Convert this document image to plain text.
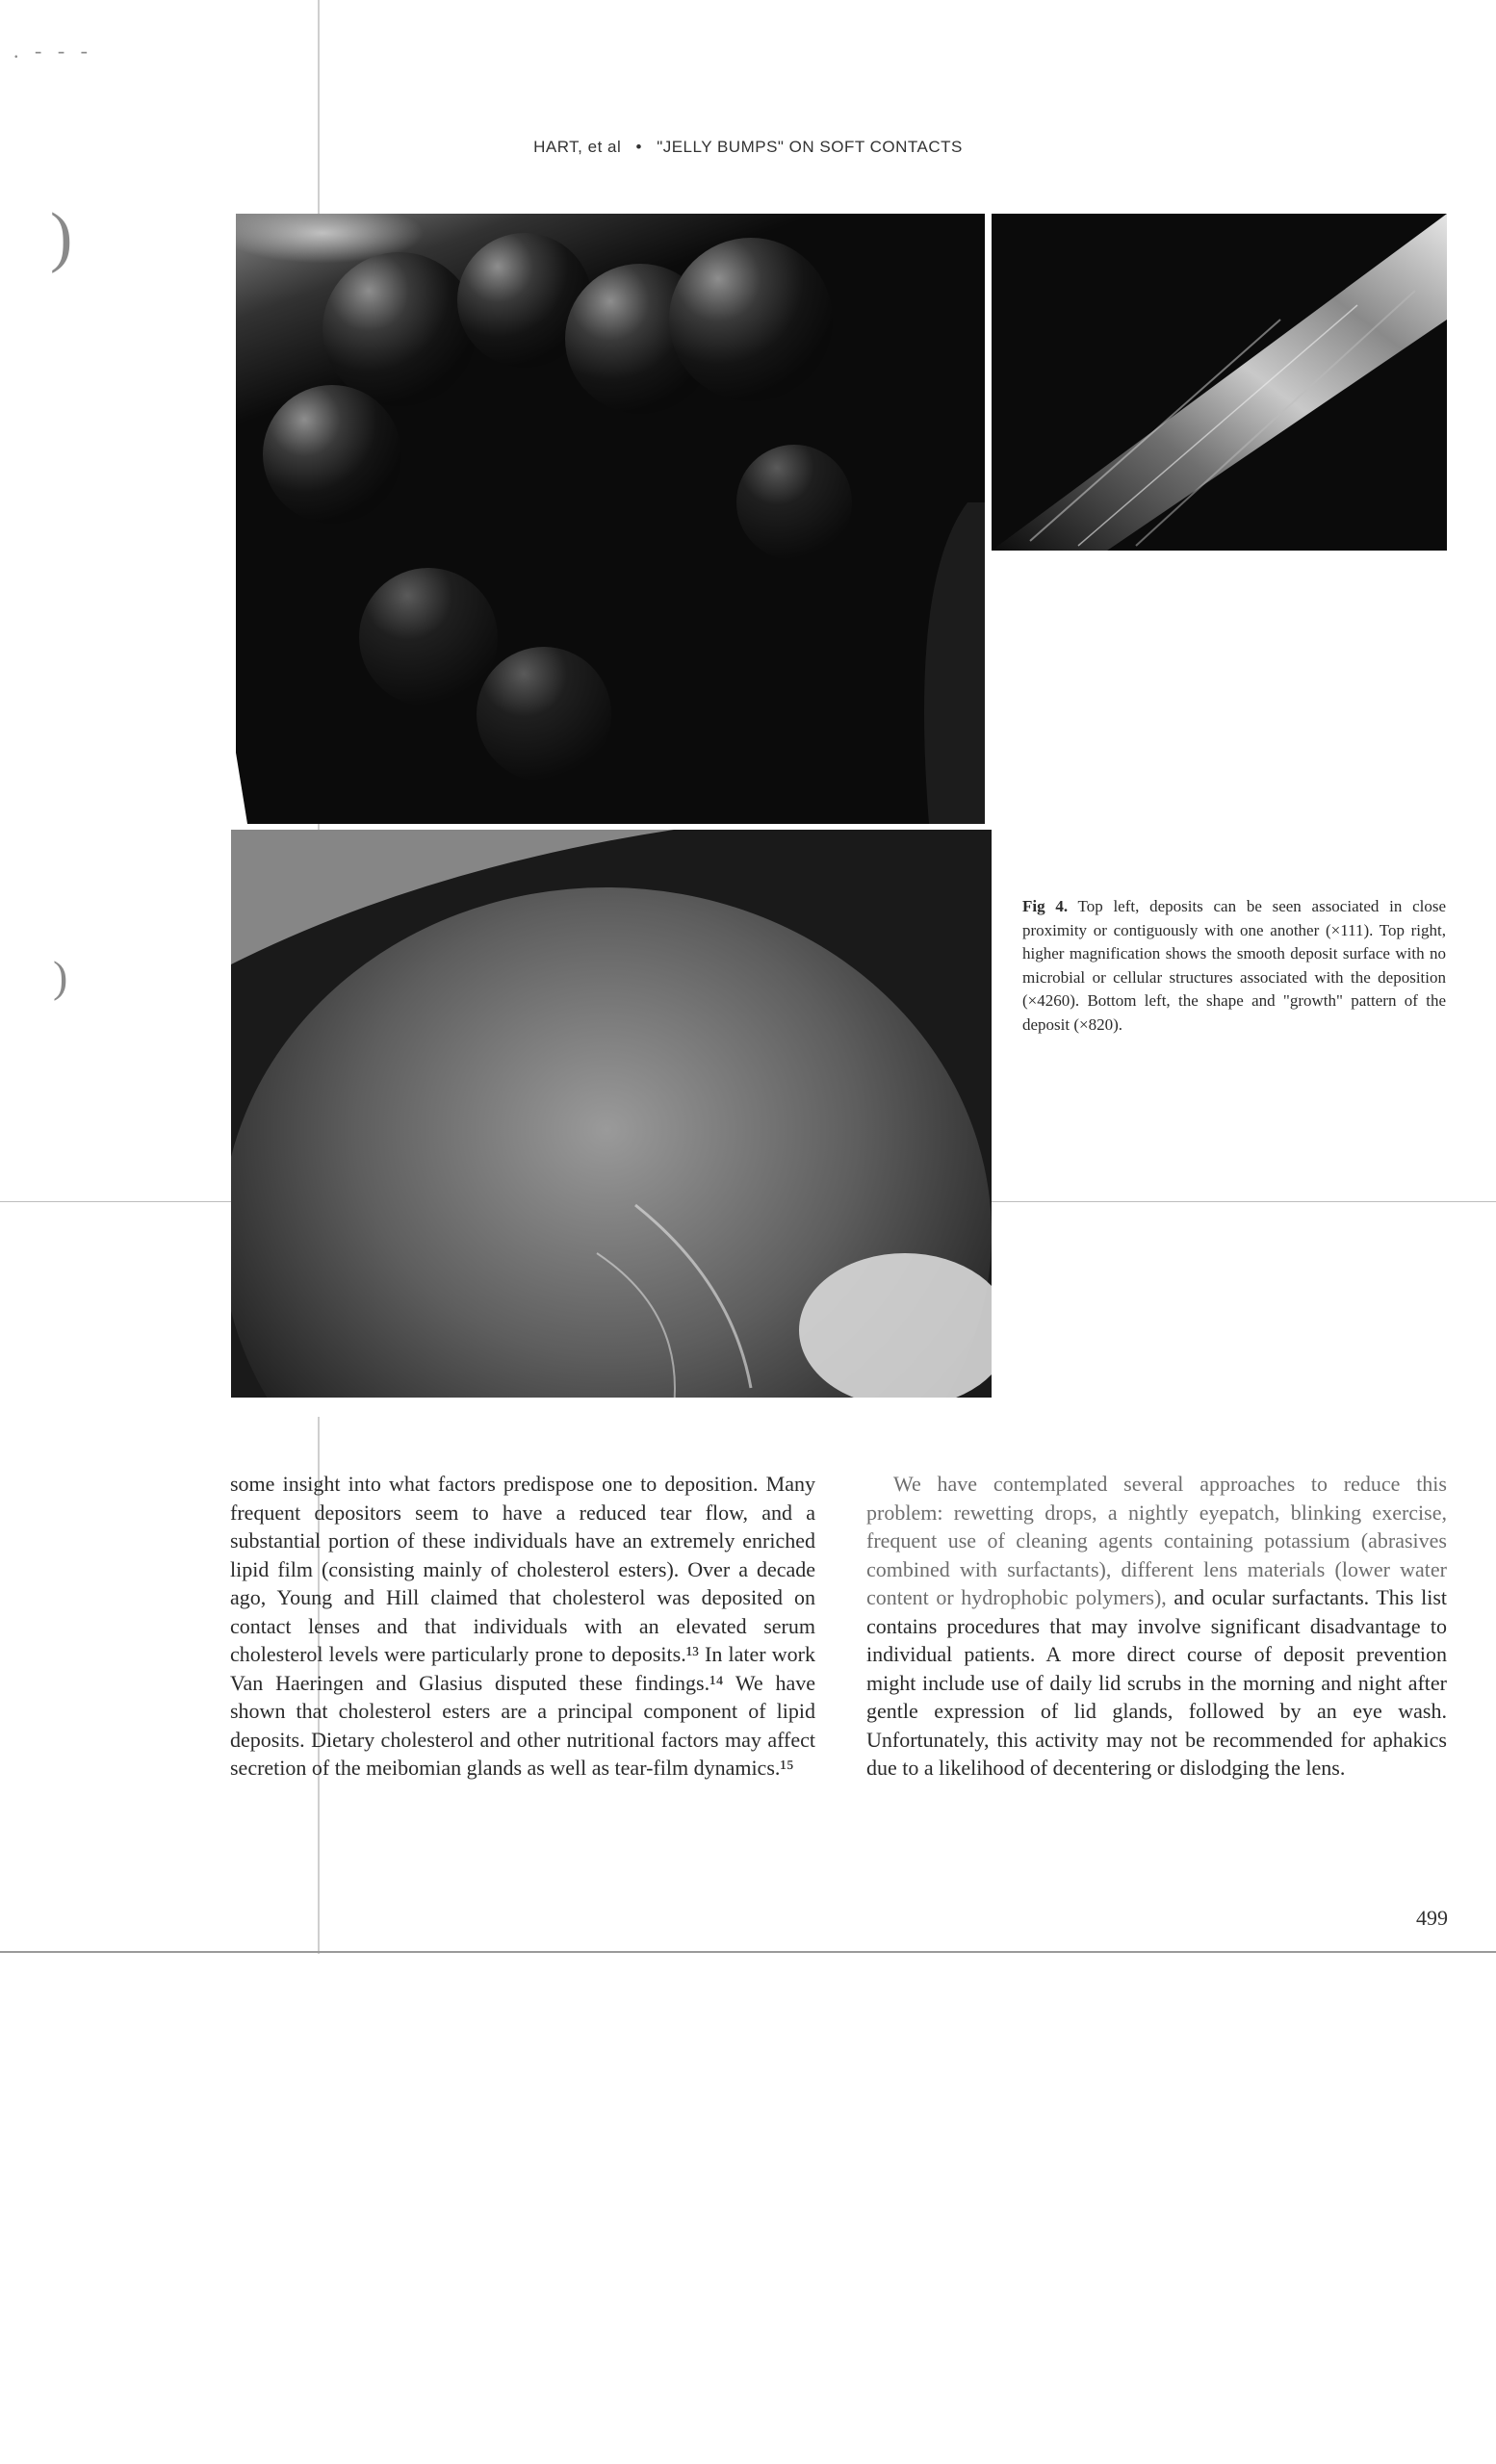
.   -   -   -
)
)
HART, et al • "JELLY BUMPS" ON SOFT CONTACTS
Fig 4. Top left, deposits can be seen associated in close proximity or contiguously with one another (×111). Top right, higher magnification shows the smooth deposit surface with no microbial or cellular structures associated with the deposition (×4260). Bottom left, the shape and "growth" pattern of the deposit (×820).

some insight into what factors predispose one to deposition. Many frequent depositors seem to have a reduced tear flow, and a substantial portion of these individuals have an extremely enriched lipid film (consisting mainly of cholesterol esters). Over a decade ago, Young and Hill claimed that cholesterol was deposited on contact lenses and that individuals with an elevated serum cholesterol levels were particularly prone to deposits.¹³ In later work Van Haeringen and Glasius disputed these findings.¹⁴ We have shown that cholesterol esters are a principal component of lipid deposits. Dietary cholesterol and other nutritional factors may affect secretion of the meibomian glands as well as tear-film dynamics.¹⁵

We have contemplated several approaches to reduce this problem: rewetting drops, a nightly eyepatch, blinking exercise, frequent use of cleaning agents containing potassium (abrasives combined with surfactants), different lens materials (lower water content or hydrophobic polymers), and ocular surfactants. This list contains procedures that may involve significant disadvantage to individual patients. A more direct course of deposit prevention might include use of daily lid scrubs in the morning and night after gentle expression of lid glands, followed by an eye wash. Unfortunately, this activity may not be recommended for aphakics due to a likelihood of decentering or dislodging the lens.

499
